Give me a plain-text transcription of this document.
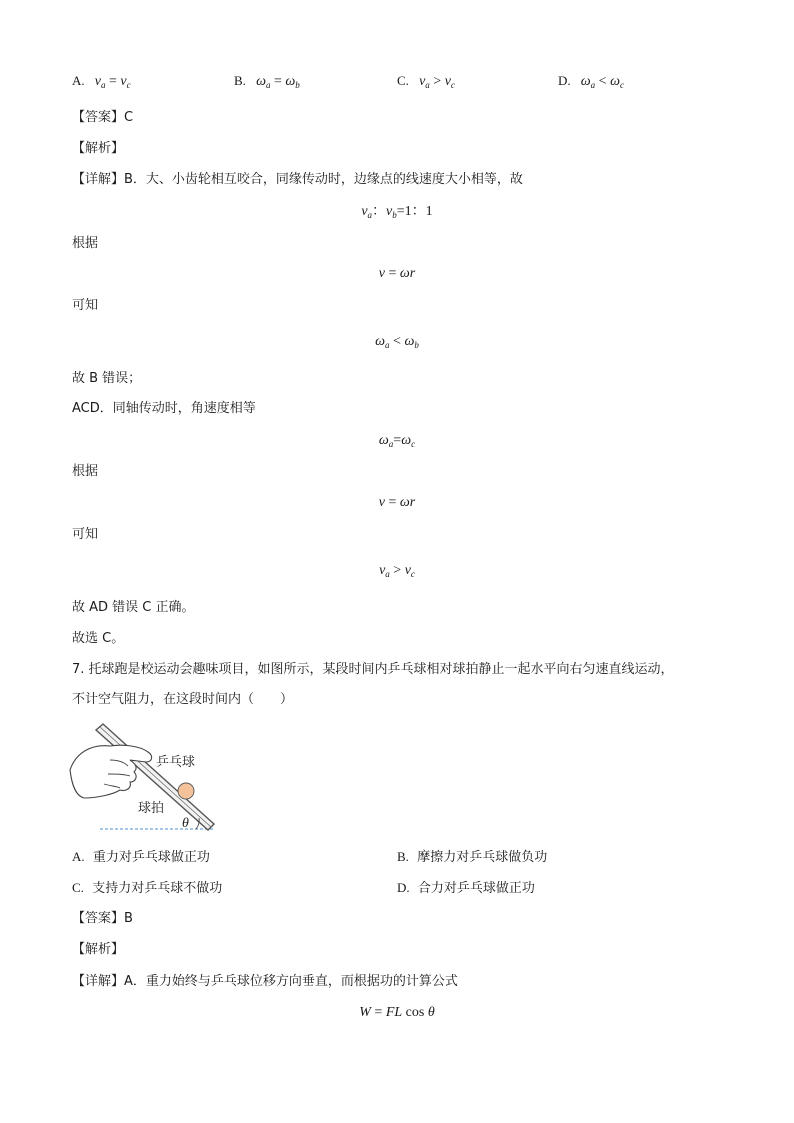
A. $v_a = v_c$	B. $\omega_a = \omega_b$	C. $v_a > v_c$	D. $\omega_a < \omega_c$
【答案】C
【解析】
【详解】B．大、小齿轮相互咬合，同缘传动时，边缘点的线速度大小相等，故
$v_a$：$v_b=1$：1
根据
v = ωr
可知
$\omega_a < \omega_b$
故 B 错误；
ACD．同轴传动时，角速度相等
$\omega_a=\omega_c$
根据
v = ωr
可知
$v_a > v_c$
故 AD 错误 C 正确。
故选 C。
7. 托球跑是校运动会趣味项目，如图所示，某段时间内乒乓球相对球拍静止一起水平向右匀速直线运动，
不计空气阻力，在这段时间内（　　）
乒乓球
球拍
θ
A. 重力对乒乓球做正功	B. 摩擦力对乒乓球做负功
C. 支持力对乒乓球不做功	D. 合力对乒乓球做正功
【答案】B
【解析】
【详解】A．重力始终与乒乓球位移方向垂直，而根据功的计算公式
W = FL cos θ
